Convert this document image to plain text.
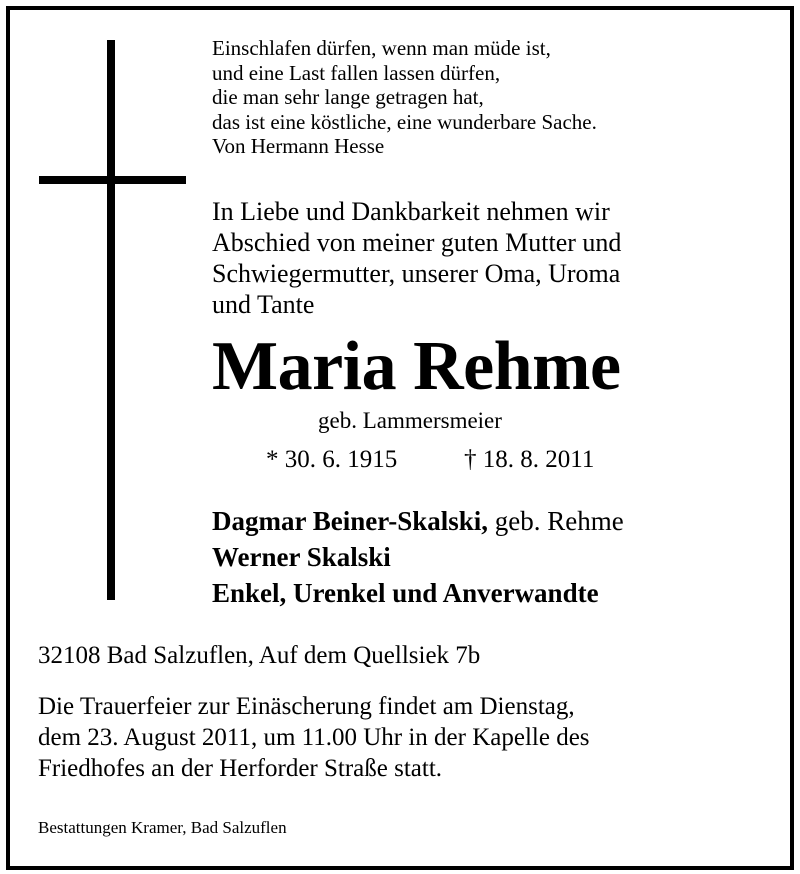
Einschlafen dürfen, wenn man müde ist,
und eine Last fallen lassen dürfen,
die man sehr lange getragen hat,
das ist eine köstliche, eine wunderbare Sache.
Von Hermann Hesse
In Liebe und Dankbarkeit nehmen wir
Abschied von meiner guten Mutter und
Schwiegermutter, unserer Oma, Uroma
und Tante
Maria Rehme
geb. Lammersmeier
* 30. 6. 1915	† 18. 8. 2011
Dagmar Beiner-Skalski, geb. Rehme
Werner Skalski
Enkel, Urenkel und Anverwandte
32108 Bad Salzuflen, Auf dem Quellsiek 7b
Die Trauerfeier zur Einäscherung findet am Dienstag,
dem 23. August 2011, um 11.00 Uhr in der Kapelle des
Friedhofes an der Herforder Straße statt.
Bestattungen Kramer, Bad Salzuflen
